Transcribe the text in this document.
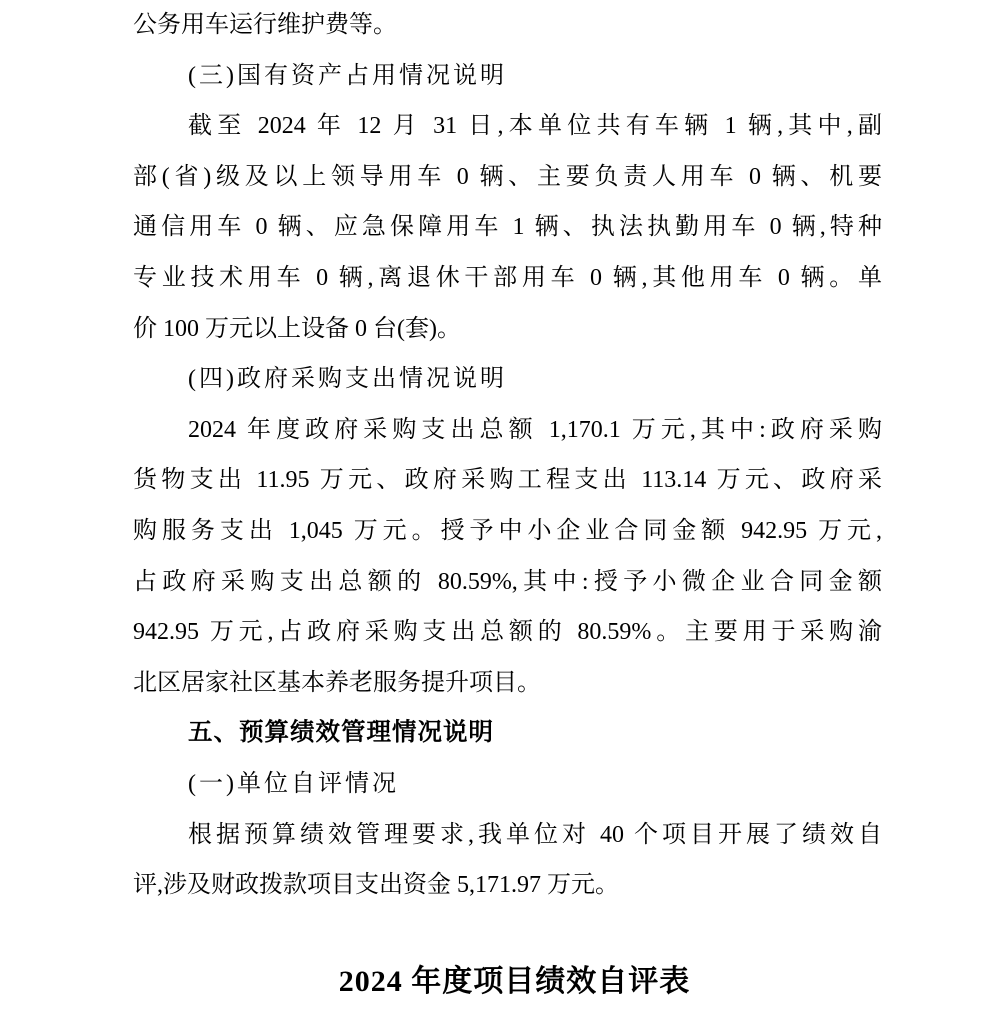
公务用车运行维护费等。
(三)国有资产占用情况说明
截至 2024 年 12 月 31 日,本单位共有车辆 1 辆,其中,副
部(省)级及以上领导用车 0 辆、主要负责人用车 0 辆、机要
通信用车 0 辆、应急保障用车 1 辆、执法执勤用车 0 辆,特种
专业技术用车 0 辆,离退休干部用车 0 辆,其他用车 0 辆。单
价 100 万元以上设备 0 台(套)。
(四)政府采购支出情况说明
2024 年度政府采购支出总额 1,170.1 万元,其中:政府采购
货物支出 11.95 万元、政府采购工程支出 113.14 万元、政府采
购服务支出 1,045 万元。授予中小企业合同金额 942.95 万元,
占政府采购支出总额的 80.59%,其中:授予小微企业合同金额
942.95 万元,占政府采购支出总额的 80.59%。主要用于采购渝
北区居家社区基本养老服务提升项目。
五、预算绩效管理情况说明
(一)单位自评情况
根据预算绩效管理要求,我单位对 40 个项目开展了绩效自
评,涉及财政拨款项目支出资金 5,171.97 万元。
2024 年度项目绩效自评表
